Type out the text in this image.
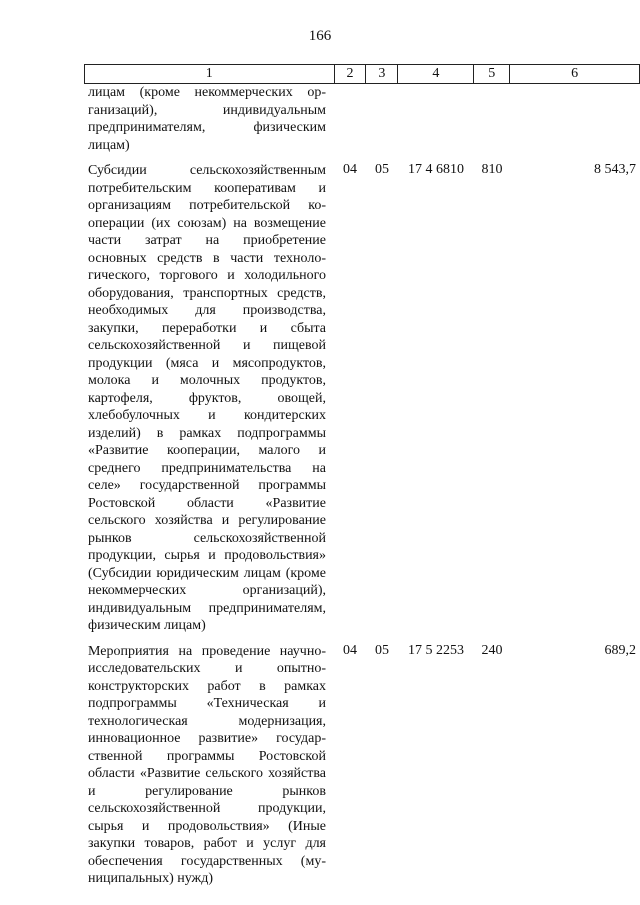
166
1	2	3	4	5	6
лицам (кроме некоммерческих организаций), индивидуальным предпринимателям, физическим лицам)					
Субсидии сельскохозяйственным потребительским кооперативам и организациям потребительской кооперации (их союзам) на возмещение части затрат на приобретение основных средств в части технологического, торгового и холодильного оборудования, транспортных средств, необходимых для производства, закупки, переработки и сбыта сельскохозяйственной и пищевой продукции (мяса и мясопродуктов, молока и молочных продуктов, картофеля, фруктов, овощей, хлебобулочных и кондитерских изделий) в рамках подпрограммы «Развитие кооперации, малого и среднего предпринимательства на селе» государственной программы Ростовской области «Развитие сельского хозяйства и регулирование рынков сельскохозяйственной продукции, сырья и продовольствия» (Субсидии юридическим лицам (кроме некоммерческих организаций), индивидуальным предпринимателям, физическим лицам)	04	05	17 4 6810	810	8 543,7
Мероприятия на проведение научно-исследовательских и опытно-конструкторских работ в рамках подпрограммы «Техническая и технологическая модернизация, инновационное развитие» государственной программы Ростовской области «Развитие сельского хозяйства и регулирование рынков сельскохозяйственной продукции, сырья и продовольствия» (Иные закупки товаров, работ и услуг для обеспечения государственных (муниципальных) нужд)	04	05	17 5 2253	240	689,2
